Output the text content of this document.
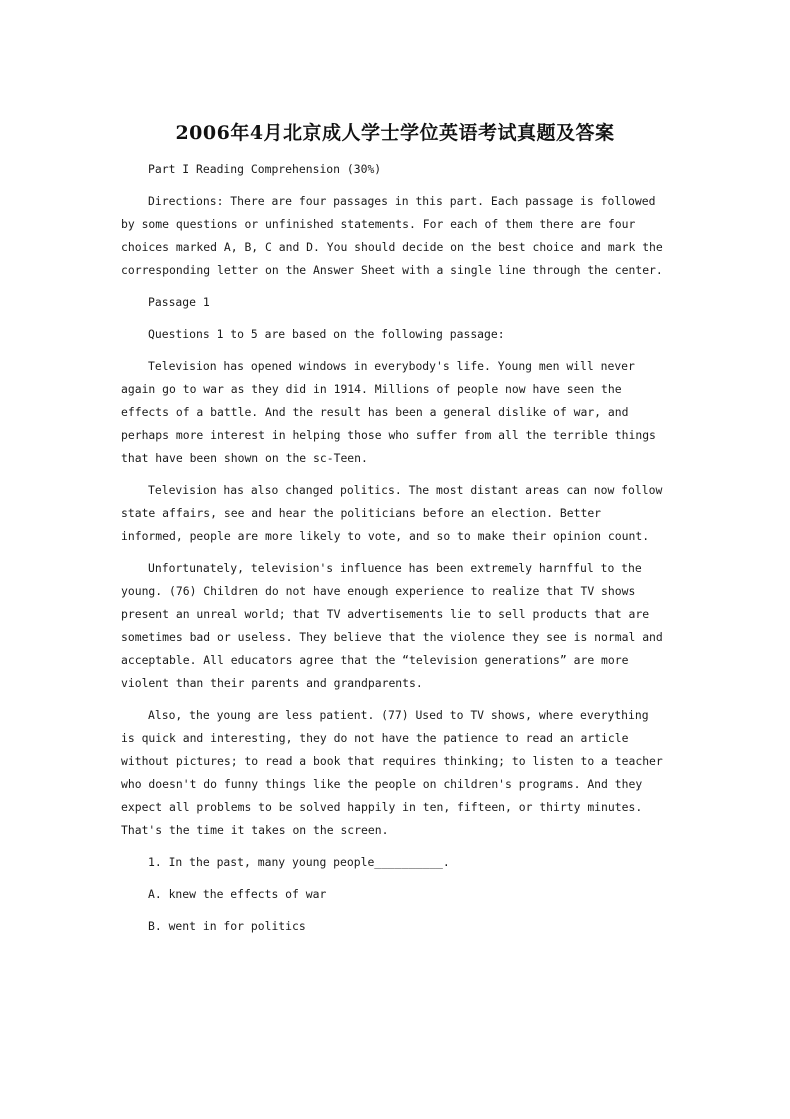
2006年4月北京成人学士学位英语考试真题及答案

Part I Reading Comprehension (30%)

Directions: There are four passages in this part. Each passage is followed by some questions or unfinished statements. For each of them there are four choices marked A, B, C and D. You should decide on the best choice and mark the corresponding letter on the Answer Sheet with a single line through the center.

Passage 1

Questions 1 to 5 are based on the following passage:

Television has opened windows in everybody's life. Young men will never again go to war as they did in 1914. Millions of people now have seen the effects of a battle. And the result has been a general dislike of war, and perhaps more interest in helping those who suffer from all the terrible things that have been shown on the sc-Teen.

Television has also changed politics. The most distant areas can now follow state affairs, see and hear the politicians before an election. Better informed, people are more likely to vote, and so to make their opinion count.

Unfortunately, television's influence has been extremely harnfful to the young. (76) Children do not have enough experience to realize that TV shows present an unreal world; that TV advertisements lie to sell products that are sometimes bad or useless. They believe that the violence they see is normal and acceptable. All educators agree that the “television generations” are more violent than their parents and grandparents.

Also, the young are less patient. (77) Used to TV shows, where everything is quick and interesting, they do not have the patience to read an article without pictures; to read a book that requires thinking; to listen to a teacher who doesn't do funny things like the people on children's programs. And they expect all problems to be solved happily in ten, fifteen, or thirty minutes. That's the time it takes on the screen.

1. In the past, many young people__________.

A. knew the effects of war

B. went in for politics
